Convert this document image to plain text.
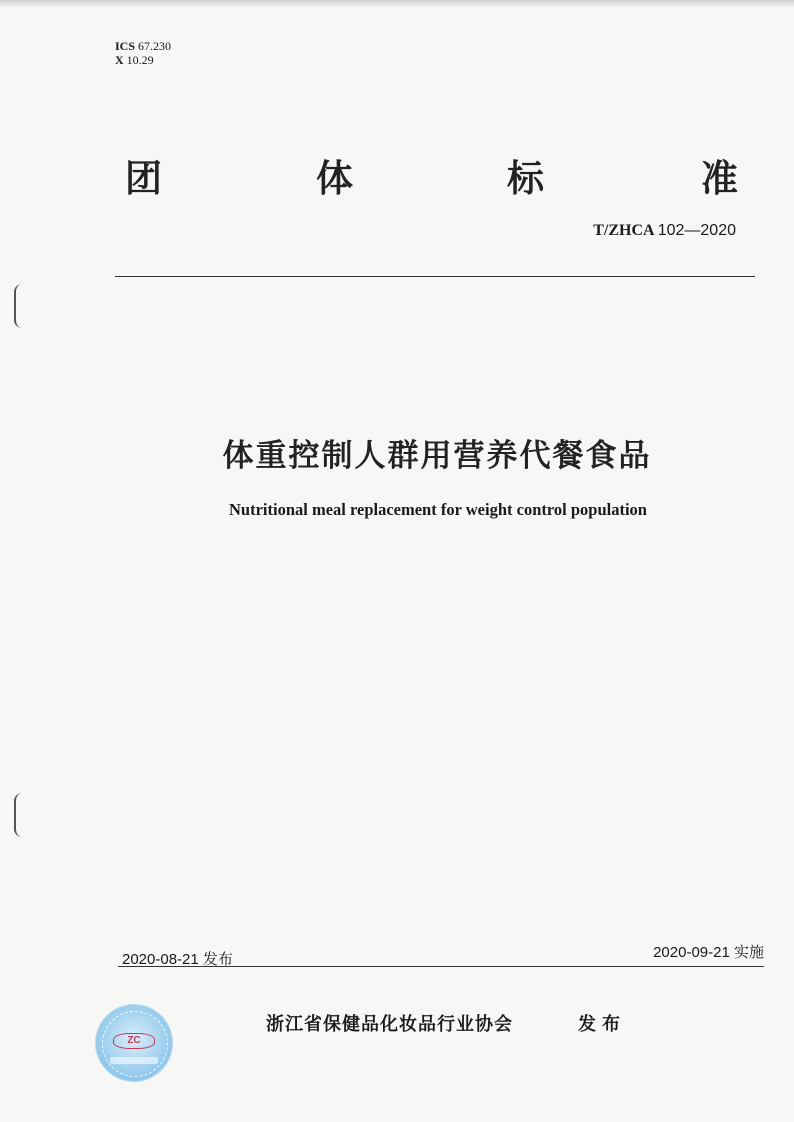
ICS 67.230
X 10.29
团	体	标	准
T/ZHCA 102—2020
体重控制人群用营养代餐食品
Nutritional meal replacement for weight control population
2020-08-21 发布	2020-09-21 实施
ZC
浙江省保健品化妆品行业协会	发布
